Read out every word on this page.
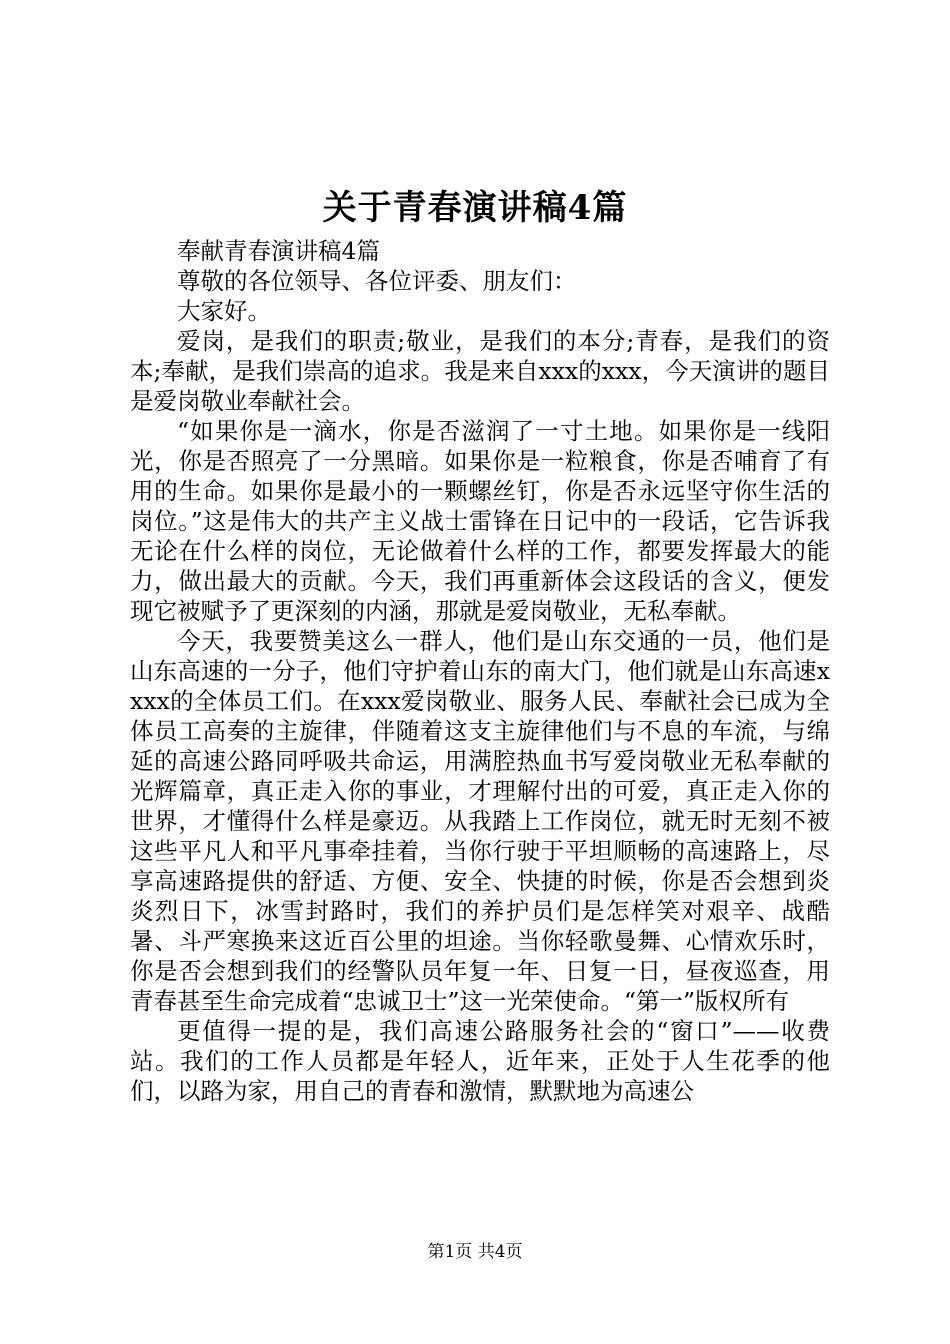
关于青春演讲稿4篇

奉献青春演讲稿4篇

尊敬的各位领导、各位评委、朋友们：

大家好。

爱岗，是我们的职责;敬业，是我们的本分;青春，是我们的资本;奉献，是我们崇高的追求。我是来自xxx的xxx，今天演讲的题目是爱岗敬业奉献社会。

“如果你是一滴水，你是否滋润了一寸土地。如果你是一线阳光，你是否照亮了一分黑暗。如果你是一粒粮食，你是否哺育了有用的生命。如果你是最小的一颗螺丝钉，你是否永远坚守你生活的岗位。”这是伟大的共产主义战士雷锋在日记中的一段话，它告诉我无论在什么样的岗位，无论做着什么样的工作，都要发挥最大的能力，做出最大的贡献。今天，我们再重新体会这段话的含义，便发现它被赋予了更深刻的内涵，那就是爱岗敬业，无私奉献。

今天，我要赞美这么一群人，他们是山东交通的一员，他们是山东高速的一分子，他们守护着山东的南大门，他们就是山东高速xxxx的全体员工们。在xxx爱岗敬业、服务人民、奉献社会已成为全体员工高奏的主旋律，伴随着这支主旋律他们与不息的车流，与绵延的高速公路同呼吸共命运，用满腔热血书写爱岗敬业无私奉献的光辉篇章，真正走入你的事业，才理解付出的可爱，真正走入你的世界，才懂得什么样是豪迈。从我踏上工作岗位，就无时无刻不被这些平凡人和平凡事牵挂着，当你行驶于平坦顺畅的高速路上，尽享高速路提供的舒适、方便、安全、快捷的时候，你是否会想到炎炎烈日下，冰雪封路时，我们的养护员们是怎样笑对艰辛、战酷暑、斗严寒换来这近百公里的坦途。当你轻歌曼舞、心情欢乐时，你是否会想到我们的经警队员年复一年、日复一日，昼夜巡查，用青春甚至生命完成着“忠诚卫士”这一光荣使命。“第一”版权所有

更值得一提的是，我们高速公路服务社会的“窗口”——收费站。我们的工作人员都是年轻人，近年来，正处于人生花季的他们，以路为家，用自己的青春和激情，默默地为高速公

第1页 共4页
